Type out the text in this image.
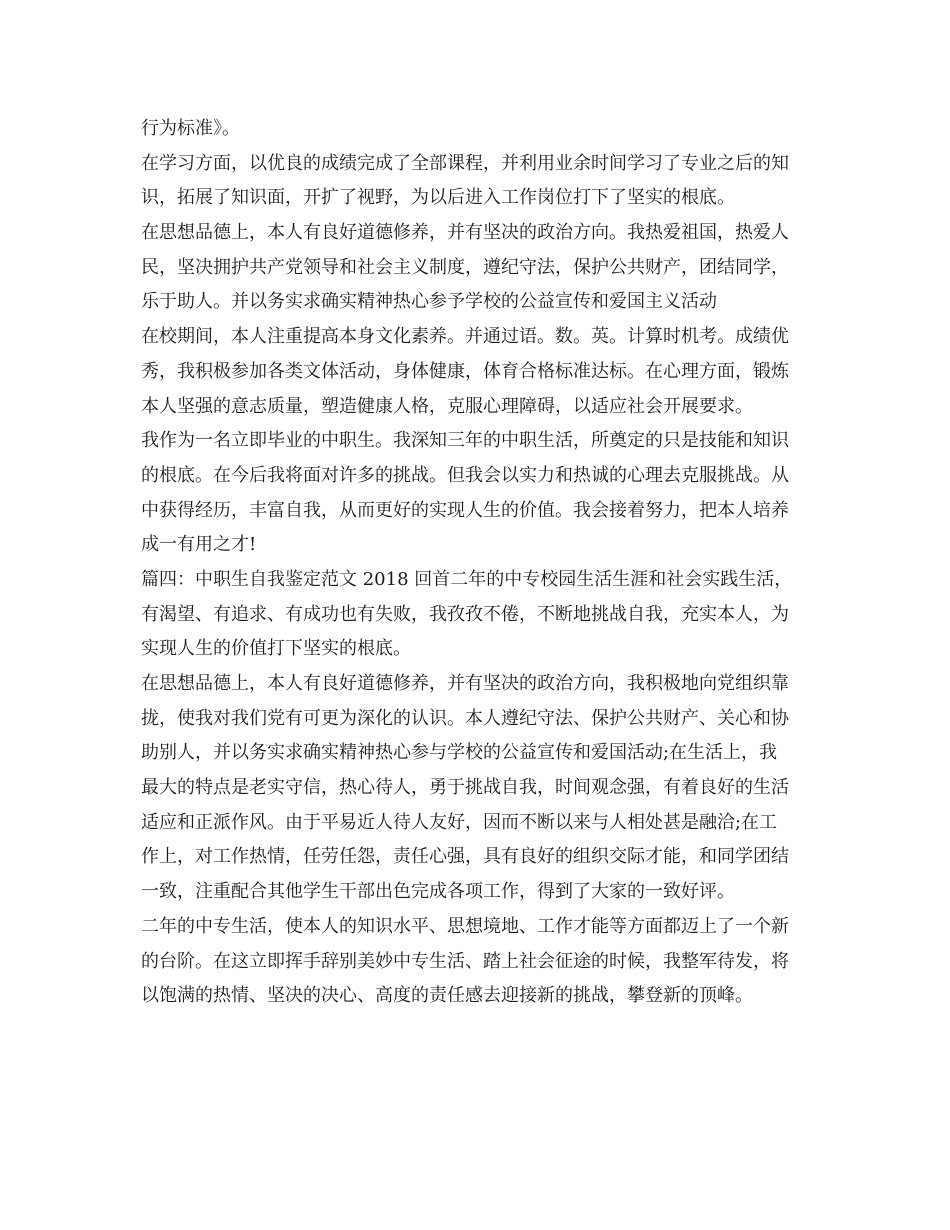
行为标准》。
在学习方面，以优良的成绩完成了全部课程，并利用业余时间学习了专业之后的知
识，拓展了知识面，开扩了视野，为以后进入工作岗位打下了坚实的根底。
在思想品德上，本人有良好道德修养，并有坚决的政治方向。我热爱祖国，热爱人
民，坚决拥护共产党领导和社会主义制度，遵纪守法，保护公共财产，团结同学，
乐于助人。并以务实求确实精神热心参予学校的公益宣传和爱国主义活动
在校期间，本人注重提高本身文化素养。并通过语。数。英。计算时机考。成绩优
秀，我积极参加各类文体活动，身体健康，体育合格标准达标。在心理方面，锻炼
本人坚强的意志质量，塑造健康人格，克服心理障碍，以适应社会开展要求。
我作为一名立即毕业的中职生。我深知三年的中职生活，所奠定的只是技能和知识
的根底。在今后我将面对许多的挑战。但我会以实力和热诚的心理去克服挑战。从
中获得经历，丰富自我，从而更好的实现人生的价值。我会接着努力，把本人培养
成一有用之才!
篇四：中职生自我鉴定范文 2018 回首二年的中专校园生活生涯和社会实践生活，
有渴望、有追求、有成功也有失败，我孜孜不倦，不断地挑战自我，充实本人，为
实现人生的价值打下坚实的根底。
在思想品德上，本人有良好道德修养，并有坚决的政治方向，我积极地向党组织靠
拢，使我对我们党有可更为深化的认识。本人遵纪守法、保护公共财产、关心和协
助别人，并以务实求确实精神热心参与学校的公益宣传和爱国活动;在生活上，我
最大的特点是老实守信，热心待人，勇于挑战自我，时间观念强，有着良好的生活
适应和正派作风。由于平易近人待人友好，因而不断以来与人相处甚是融洽;在工
作上，对工作热情，任劳任怨，责任心强，具有良好的组织交际才能，和同学团结
一致，注重配合其他学生干部出色完成各项工作，得到了大家的一致好评。
二年的中专生活，使本人的知识水平、思想境地、工作才能等方面都迈上了一个新
的台阶。在这立即挥手辞别美妙中专生活、踏上社会征途的时候，我整军待发，将
以饱满的热情、坚决的决心、高度的责任感去迎接新的挑战，攀登新的顶峰。
